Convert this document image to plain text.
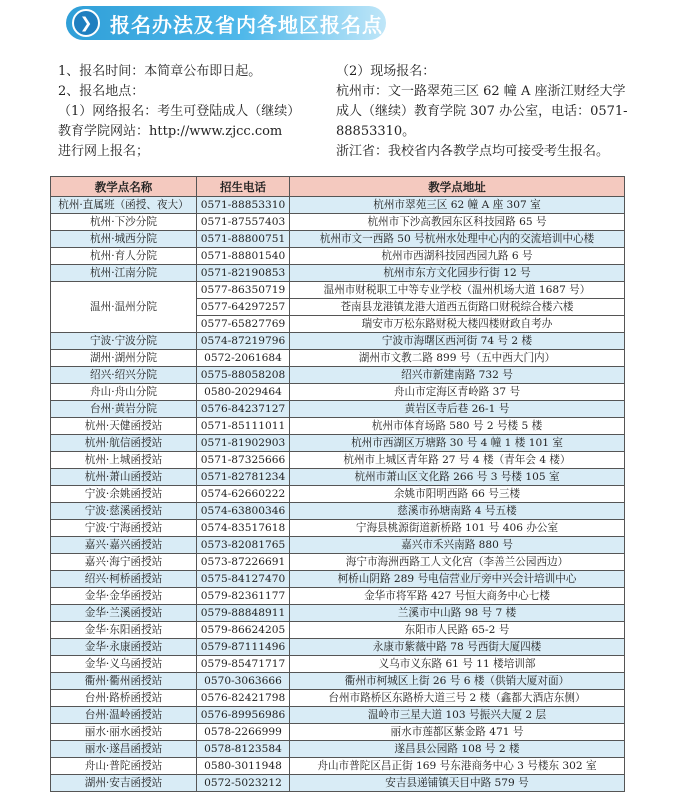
❯ 报名办法及省内各地区报名点
1、报名时间：本简章公布即日起。
2、报名地点：
（1）网络报名：考生可登陆成人（继续）
教育学院网站：http://www.zjcc.com
进行网上报名；
（2）现场报名：
杭州市：文一路翠苑三区 62 幢 A 座浙江财经大学成人（继续）教育学院 307 办公室，电话：0571-88853310。
浙江省：我校省内各教学点均可接受考生报名。
教学点名称	招生电话	教学点地址
杭州·直属班（函授、夜大）	0571-88853310	杭州市翠苑三区 62 幢 A 座 307 室
杭州·下沙分院	0571-87557403	杭州市下沙高教园东区科技园路 65 号
杭州·城西分院	0571-88800751	杭州市文一西路 50 号杭州水处理中心内的交流培训中心楼
杭州·育人分院	0571-88801540	杭州市西湖科技园西园九路 6 号
杭州·江南分院	0571-82190853	杭州市东方文化园步行街 12 号
温州·温州分院	0577-86350719	温州市财税职工中等专业学校（温州机场大道 1687 号）
	0577-64297257	苍南县龙港镇龙港大道西五街路口财税综合楼六楼
	0577-65827769	瑞安市万松东路财税大楼四楼财政自考办
宁波·宁波分院	0574-87219796	宁波市海曙区西河街 74 号 2 楼
湖州·湖州分院	0572-2061684	湖州市文教二路 899 号（五中西大门内）
绍兴·绍兴分院	0575-88058208	绍兴市新建南路 732 号
舟山·舟山分院	0580-2029464	舟山市定海区青岭路 37 号
台州·黄岩分院	0576-84237127	黄岩区寺后巷 26-1 号
杭州·天健函授站	0571-85111011	杭州市体育场路 580 号 2 号楼 5 楼
杭州·航信函授站	0571-81902903	杭州市西湖区万塘路 30 号 4 幢 1 楼 101 室
杭州·上城函授站	0571-87325666	杭州市上城区青年路 27 号 4 楼（青年会 4 楼）
杭州·萧山函授站	0571-82781234	杭州市萧山区文化路 266 号 3 号楼 105 室
宁波·余姚函授站	0574-62660222	余姚市阳明西路 66 号三楼
宁波·慈溪函授站	0574-63800346	慈溪市孙塘南路 4 号五楼
宁波·宁海函授站	0574-83517618	宁海县桃源街道新桥路 101 号 406 办公室
嘉兴·嘉兴函授站	0573-82081765	嘉兴市禾兴南路 880 号
嘉兴·海宁函授站	0573-87226691	海宁市海洲西路工人文化宫（李善兰公园西边）
绍兴·柯桥函授站	0575-84127470	柯桥山阴路 289 号电信营业厅旁中兴会计培训中心
金华·金华函授站	0579-82361177	金华市将军路 427 号恒大商务中心七楼
金华·兰溪函授站	0579-88848911	兰溪市中山路 98 号 7 楼
金华·东阳函授站	0579-86624205	东阳市人民路 65-2 号
金华·永康函授站	0579-87111496	永康市紫薇中路 78 号西街大厦四楼
金华·义乌函授站	0579-85471717	义乌市义东路 61 号 11 楼培训部
衢州·衢州函授站	0570-3063666	衢州市柯城区上街 26 号 6 楼（供销大厦对面）
台州·路桥函授站	0576-82421798	台州市路桥区东路桥大道三号 2 楼（鑫都大酒店东侧）
台州·温岭函授站	0576-89956986	温岭市三星大道 103 号振兴大厦 2 层
丽水·丽水函授站	0578-2266999	丽水市莲都区紫金路 471 号
丽水·遂昌函授站	0578-8123584	遂昌县公园路 108 号 2 楼
舟山·普陀函授站	0580-3011948	舟山市普陀区昌正街 169 号东港商务中心 3 号楼东 302 室
湖州·安吉函授站	0572-5023212	安吉县递铺镇天目中路 579 号
